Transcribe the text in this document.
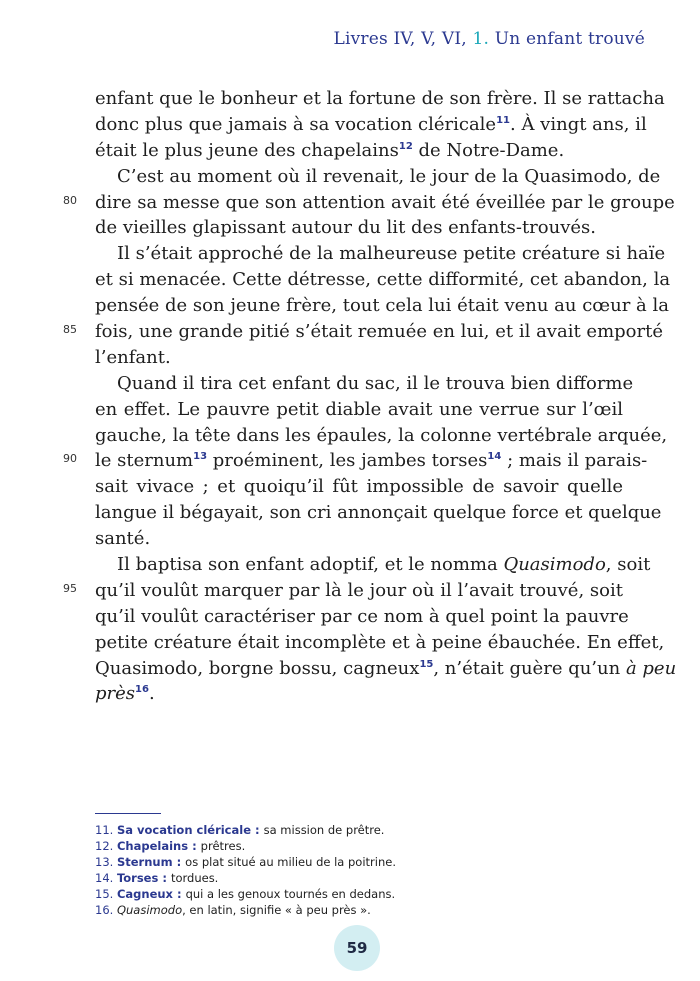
Livres IV, V, VI, 1. Un enfant trouvé
80
85
90
95
enfant que le bonheur et la fortune de son frère. Il se rattacha
donc plus que jamais à sa vocation cléricale$^{11}$. À vingt ans, il
était le plus jeune des chapelains$^{12}$ de Notre-Dame.
C’est au moment où il revenait, le jour de la Quasimodo, de
dire sa messe que son attention avait été éveillée par le groupe
de vieilles glapissant autour du lit des enfants-trouvés.
Il s’était approché de la malheureuse petite créature si haïe
et si menacée. Cette détresse, cette difformité, cet abandon, la
pensée de son jeune frère, tout cela lui était venu au cœur à la
fois, une grande pitié s’était remuée en lui, et il avait emporté
l’enfant.
Quand il tira cet enfant du sac, il le trouva bien difforme
en effet. Le pauvre petit diable avait une verrue sur l’œil
gauche, la tête dans les épaules, la colonne vertébrale arquée,
le sternum$^{13}$ proéminent, les jambes torses$^{14}$ ; mais il parais-
sait vivace ; et quoiqu’il fût impossible de savoir quelle
langue il bégayait, son cri annonçait quelque force et quelque
santé.
Il baptisa son enfant adoptif, et le nomma Quasimodo, soit
qu’il voulût marquer par là le jour où il l’avait trouvé, soit
qu’il voulût caractériser par ce nom à quel point la pauvre
petite créature était incomplète et à peine ébauchée. En effet,
Quasimodo, borgne bossu, cagneux$^{15}$, n’était guère qu’un à peu
près$^{16}$.
11. Sa vocation cléricale : sa mission de prêtre.
12. Chapelains : prêtres.
13. Sternum : os plat situé au milieu de la poitrine.
14. Torses : tordues.
15. Cagneux : qui a les genoux tournés en dedans.
16. Quasimodo, en latin, signifie « à peu près ».
59
